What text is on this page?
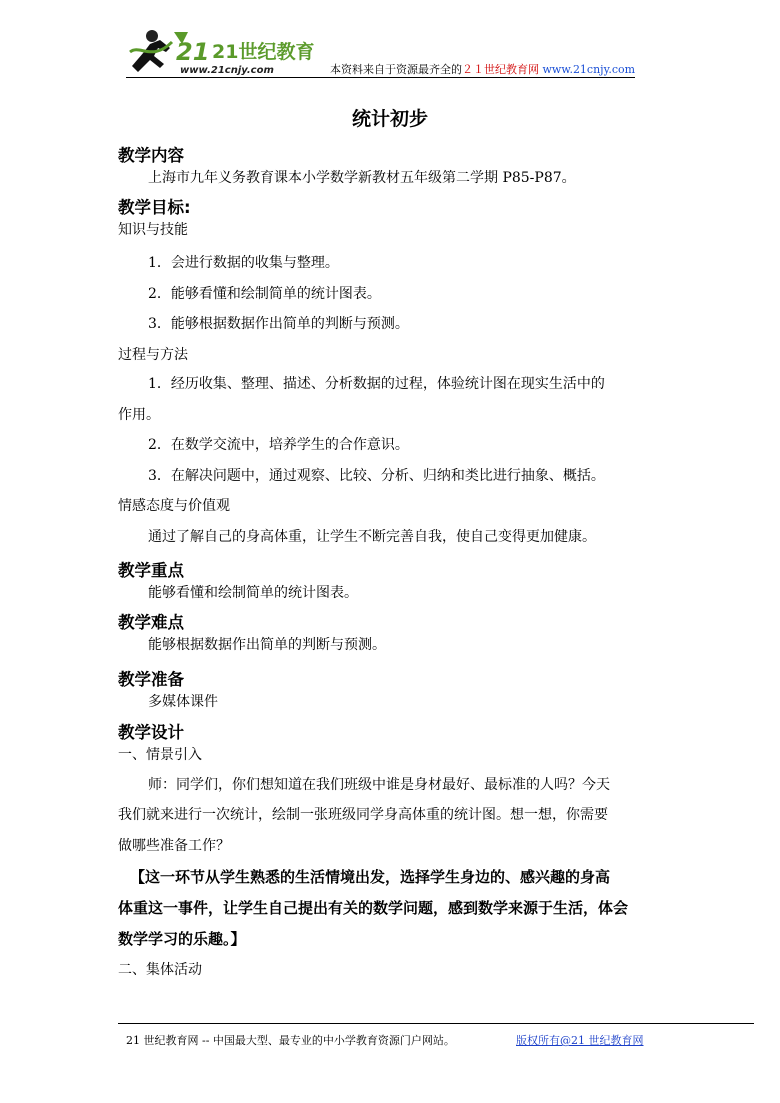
21 21世纪教育
www.21cnjy.com	本资料来自于资源最齐全的２１世纪教育网 www.21cnjy.com
统计初步
教学内容
上海市九年义务教育课本小学数学新教材五年级第二学期 P85-P87。
教学目标:
知识与技能
1．会进行数据的收集与整理。
2．能够看懂和绘制简单的统计图表。
3．能够根据数据作出简单的判断与预测。
过程与方法
1．经历收集、整理、描述、分析数据的过程，体验统计图在现实生活中的
作用。
2．在数学交流中，培养学生的合作意识。
3．在解决问题中，通过观察、比较、分析、归纳和类比进行抽象、概括。
情感态度与价值观
通过了解自己的身高体重，让学生不断完善自我，使自己变得更加健康。
教学重点
能够看懂和绘制简单的统计图表。
教学难点
能够根据数据作出简单的判断与预测。
教学准备
多媒体课件
教学设计
一、情景引入
师：同学们，你们想知道在我们班级中谁是身材最好、最标准的人吗？今天
我们就来进行一次统计，绘制一张班级同学身高体重的统计图。想一想，你需要
做哪些准备工作？
【这一环节从学生熟悉的生活情境出发，选择学生身边的、感兴趣的身高
体重这一事件，让学生自己提出有关的数学问题，感到数学来源于生活，体会
数学学习的乐趣。】
二、集体活动
21 世纪教育网 -- 中国最大型、最专业的中小学教育资源门户网站。	版权所有@21 世纪教育网
